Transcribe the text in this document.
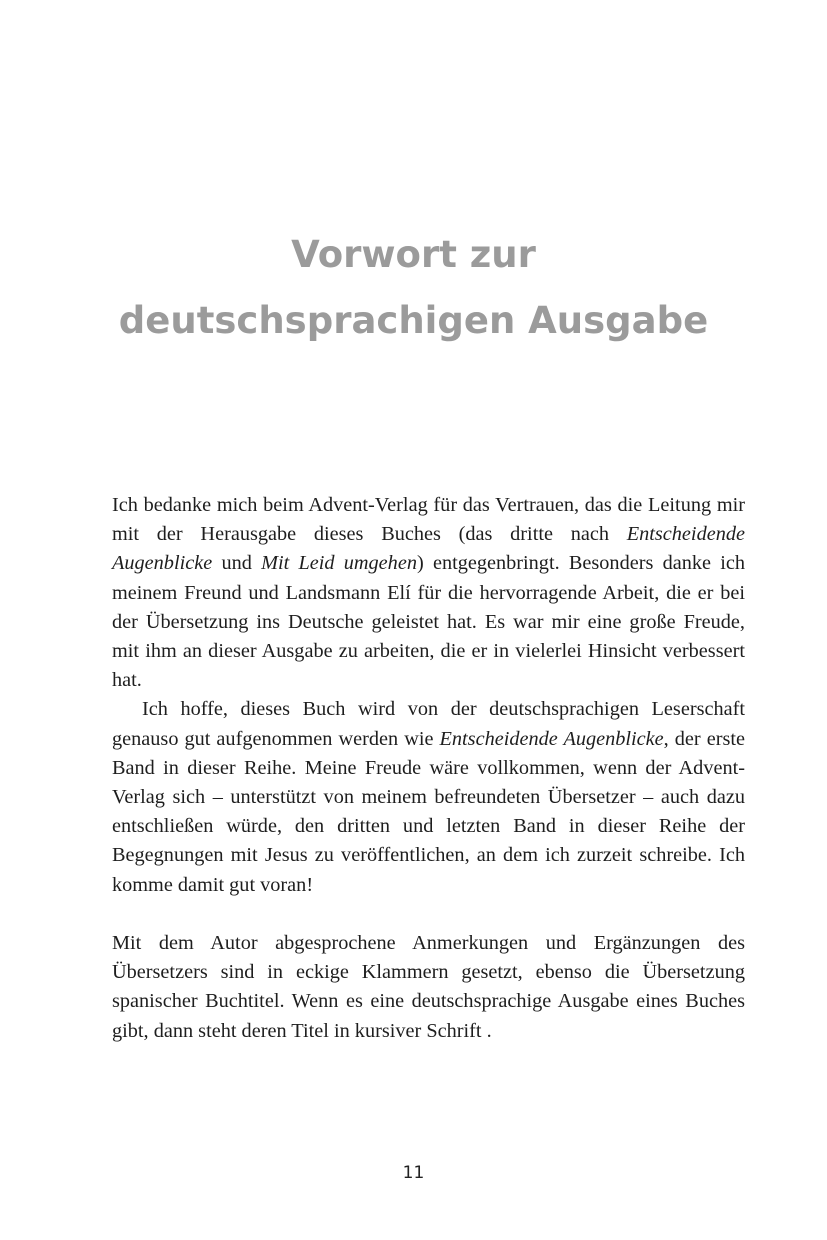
Vorwort zur
deutschsprachigen Ausgabe

Ich bedanke mich beim Advent-Verlag für das Vertrauen, das die Leitung mir mit der Herausgabe dieses Buches (das dritte nach Entscheidende Augenblicke und Mit Leid umgehen) entgegenbringt. Besonders danke ich meinem Freund und Landsmann Elí für die hervorragende Arbeit, die er bei der Übersetzung ins Deutsche geleistet hat. Es war mir eine große Freude, mit ihm an dieser Ausgabe zu arbeiten, die er in vielerlei Hinsicht verbessert hat.

Ich hoffe, dieses Buch wird von der deutschsprachigen Leserschaft genauso gut aufgenommen werden wie Entscheidende Augenblicke, der erste Band in dieser Reihe. Meine Freude wäre vollkommen, wenn der Advent-Verlag sich – unterstützt von meinem befreundeten Übersetzer – auch dazu entschließen würde, den dritten und letzten Band in dieser Reihe der Begegnungen mit Jesus zu veröffentlichen, an dem ich zurzeit schreibe. Ich komme damit gut voran!

Mit dem Autor abgesprochene Anmerkungen und Ergänzungen des Übersetzers sind in eckige Klammern gesetzt, ebenso die Übersetzung spanischer Buchtitel. Wenn es eine deutschsprachige Ausgabe eines Buches gibt, dann steht deren Titel in kursiver Schrift .

11
